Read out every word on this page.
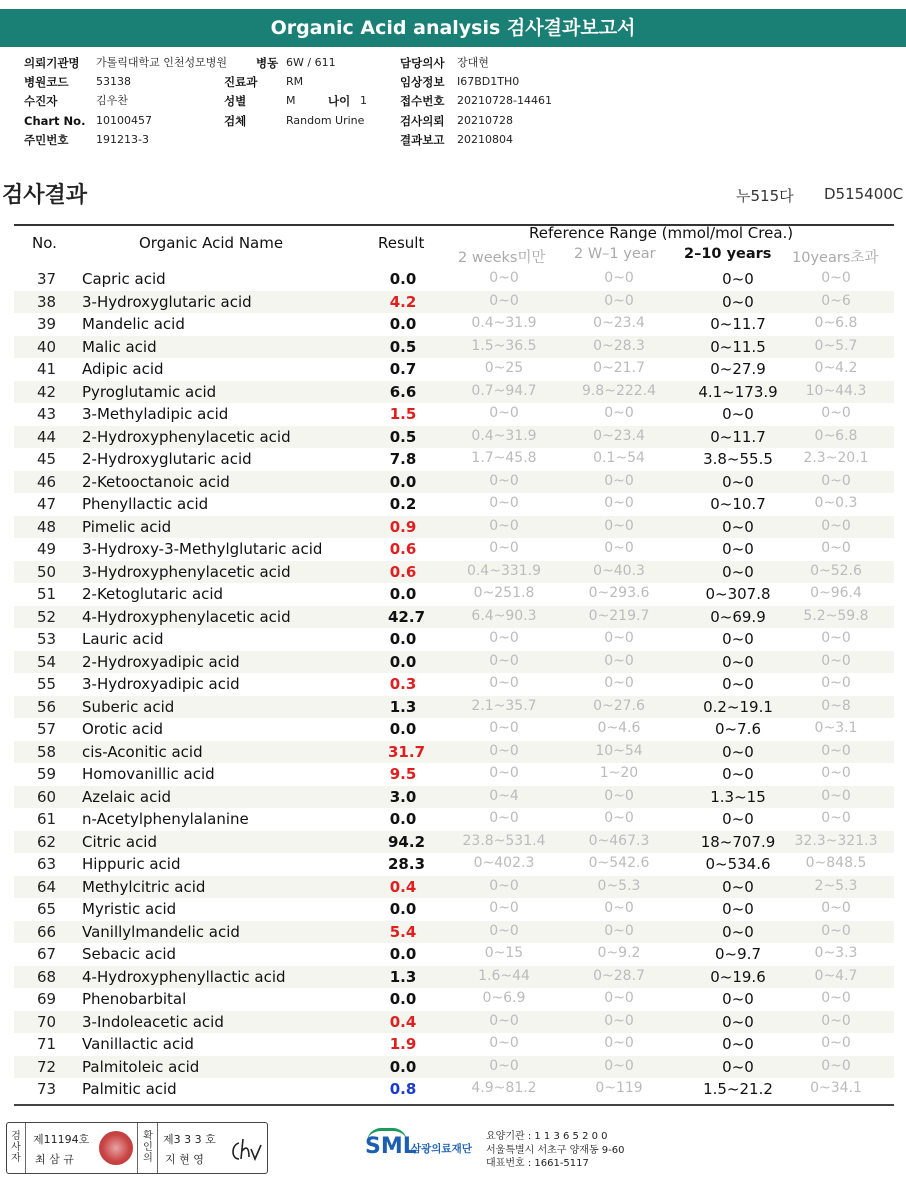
Organic Acid analysis 검사결과보고서
의뢰기관명 가톨릭대학교 인천성모병원	병동 6W / 611	담당의사 장대현
병원코드	53138	진료과	RM	임상정보 I67BD1TH0
수진자	김우찬	성별	M	나이 1	접수번호 20210728-14461
Chart No. 10100457	검체	Random Urine	검사의뢰 20210728
주민번호	191213-3	결과보고 20210804
검사결과	누515다 D515400C
No.	Organic Acid Name	Result
Reference Range (mmol/mol Crea.)
2 weeks미만 2 W–1 year 2–10 years 10years초과
37 Capric acid	0.0	0~0	0~0	0~0	0~0
38 3-Hydroxyglutaric acid	4.2	0~0	0~0	0~0	0~6
39 Mandelic acid	0.0	0.4~31.9	0~23.4	0~11.7	0~6.8
40 Malic acid	0.5	1.5~36.5	0~28.3	0~11.5	0~5.7
41 Adipic acid	0.7	0~25	0~21.7	0~27.9	0~4.2
42 Pyroglutamic acid	6.6	0.7~94.7	9.8~222.4	4.1~173.9	10~44.3
43 3-Methyladipic acid	1.5	0~0	0~0	0~0	0~0
44 2-Hydroxyphenylacetic acid	0.5	0.4~31.9	0~23.4	0~11.7	0~6.8
45 2-Hydroxyglutaric acid	7.8	1.7~45.8	0.1~54	3.8~55.5	2.3~20.1
46 2-Ketooctanoic acid	0.0	0~0	0~0	0~0	0~0
47 Phenyllactic acid	0.2	0~0	0~0	0~10.7	0~0.3
48 Pimelic acid	0.9	0~0	0~0	0~0	0~0
49 3-Hydroxy-3-Methylglutaric acid	0.6	0~0	0~0	0~0	0~0
50 3-Hydroxyphenylacetic acid	0.6	0.4~331.9	0~40.3	0~0	0~52.6
51 2-Ketoglutaric acid	0.0	0~251.8	0~293.6	0~307.8	0~96.4
52 4-Hydroxyphenylacetic acid	42.7	6.4~90.3	0~219.7	0~69.9	5.2~59.8
53 Lauric acid	0.0	0~0	0~0	0~0	0~0
54 2-Hydroxyadipic acid	0.0	0~0	0~0	0~0	0~0
55 3-Hydroxyadipic acid	0.3	0~0	0~0	0~0	0~0
56 Suberic acid	1.3	2.1~35.7	0~27.6	0.2~19.1	0~8
57 Orotic acid	0.0	0~0	0~4.6	0~7.6	0~3.1
58 cis-Aconitic acid	31.7	0~0	10~54	0~0	0~0
59 Homovanillic acid	9.5	0~0	1~20	0~0	0~0
60 Azelaic acid	3.0	0~4	0~0	1.3~15	0~0
61 n-Acetylphenylalanine	0.0	0~0	0~0	0~0	0~0
62 Citric acid	94.2	23.8~531.4	0~467.3	18~707.9	32.3~321.3
63 Hippuric acid	28.3	0~402.3	0~542.6	0~534.6	0~848.5
64 Methylcitric acid	0.4	0~0	0~5.3	0~0	2~5.3
65 Myristic acid	0.0	0~0	0~0	0~0	0~0
66 Vanillylmandelic acid	5.4	0~0	0~0	0~0	0~0
67 Sebacic acid	0.0	0~15	0~9.2	0~9.7	0~3.3
68 4-Hydroxyphenyllactic acid	1.3	1.6~44	0~28.7	0~19.6	0~4.7
69 Phenobarbital	0.0	0~6.9	0~0	0~0	0~0
70 3-Indoleacetic acid	0.4	0~0	0~0	0~0	0~0
71 Vanillactic acid	1.9	0~0	0~0	0~0	0~0
72 Palmitoleic acid	0.0	0~0	0~0	0~0	0~0
73 Palmitic acid	0.8	4.9~81.2	0~119	1.5~21.2	0~34.1
검사자
제11194호
최 삼 규
확인의
제3 3 3 호
지 현 영
SML
삼광의료재단
요양기관 : 1 1 3 6 5 2 0 0
서울특별시 서초구 양재동 9-60
대표번호 : 1661-5117
